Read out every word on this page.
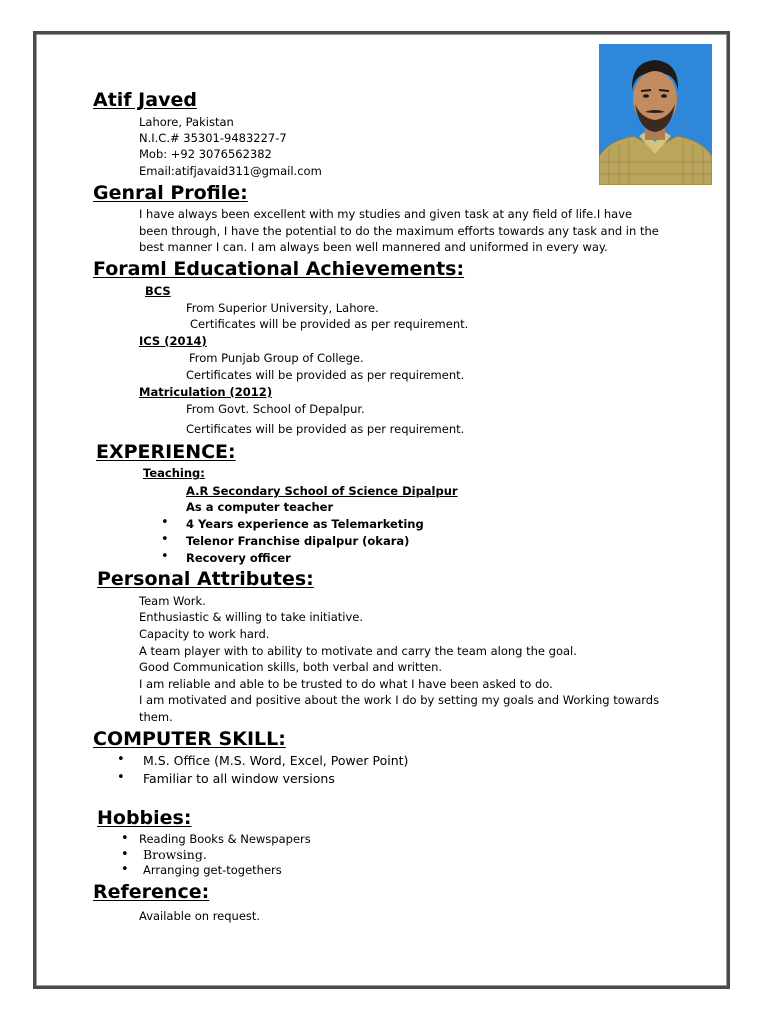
Atif Javed
Lahore, Pakistan
N.I.C.# 35301-9483227-7
Mob: +92 3076562382
Email:atifjavaid311@gmail.com
Genral Profile:
I have always been excellent with my studies and given task at any field of life.I have been through, I have the potential to do the maximum efforts towards any task and in the best manner I can. I am always been well mannered and uniformed in every way.
Foraml Educational Achievements:
BCS
From Superior University, Lahore.
Certificates will be provided as per requirement.
ICS (2014)
From Punjab Group of College.
Certificates will be provided as per requirement.
Matriculation (2012)
From Govt. School of Depalpur.
Certificates will be provided as per requirement.
EXPERIENCE:
Teaching:
A.R Secondary School of Science Dipalpur
As a computer teacher
• 4 Years experience as Telemarketing
• Telenor Franchise dipalpur (okara)
• Recovery officer
Personal Attributes:
Team Work.
Enthusiastic & willing to take initiative.
Capacity to work hard.
A team player with to ability to motivate and carry the team along the goal.
Good Communication skills, both verbal and written.
I am reliable and able to be trusted to do what I have been asked to do.
I am motivated and positive about the work I do by setting my goals and Working towards
them.
COMPUTER SKILL:
• M.S. Office (M.S. Word, Excel, Power Point)
• Familiar to all window versions
Hobbies:
• Reading Books & Newspapers
• Browsing.
• Arranging get-togethers
Reference:
Available on request.
